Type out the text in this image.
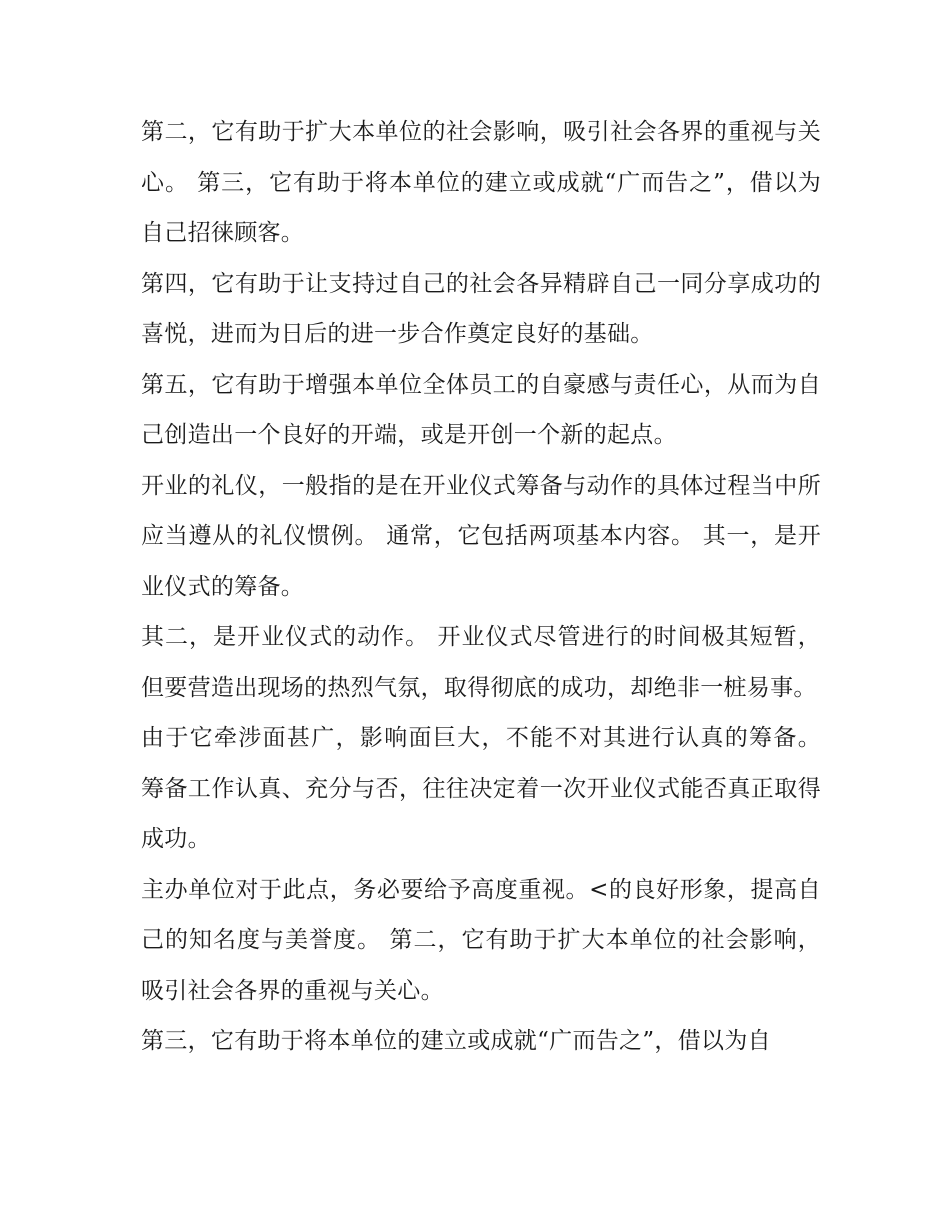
第二，它有助于扩大本单位的社会影响，吸引社会各界的重视与关心。 第三，它有助于将本单位的建立或成就“广而告之”，借以为自己招徕顾客。

第四，它有助于让支持过自己的社会各异精辟自己一同分享成功的喜悦，进而为日后的进一步合作奠定良好的基础。

第五，它有助于增强本单位全体员工的自豪感与责任心，从而为自己创造出一个良好的开端，或是开创一个新的起点。

开业的礼仪，一般指的是在开业仪式筹备与动作的具体过程当中所应当遵从的礼仪惯例。 通常，它包括两项基本内容。 其一，是开业仪式的筹备。

其二，是开业仪式的动作。 开业仪式尽管进行的时间极其短暂，但要营造出现场的热烈气氛，取得彻底的成功，却绝非一桩易事。

由于它牵涉面甚广，影响面巨大，不能不对其进行认真的筹备。 筹备工作认真、充分与否，往往决定着一次开业仪式能否真正取得成功。

主办单位对于此点，务必要给予高度重视。<的良好形象，提高自己的知名度与美誉度。 第二，它有助于扩大本单位的社会影响，吸引社会各界的重视与关心。

第三，它有助于将本单位的建立或成就“广而告之”，借以为自
